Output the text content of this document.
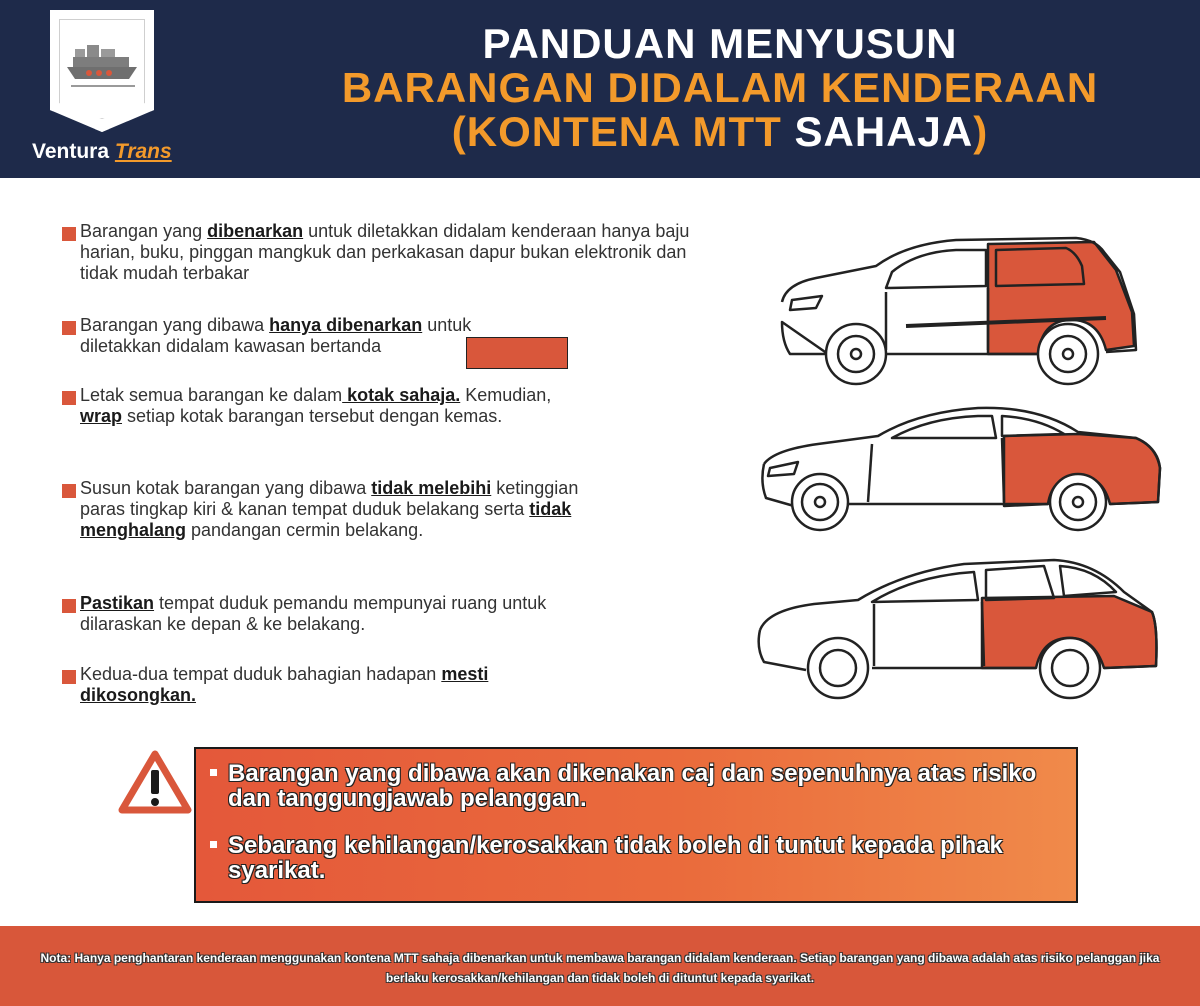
Ventura Trans
PANDUAN MENYUSUN
BARANGAN DIDALAM KENDERAAN
(KONTENA MTT SAHAJA)
Barangan yang dibenarkan untuk diletakkan didalam kenderaan hanya baju harian, buku, pinggan mangkuk dan perkakasan dapur bukan elektronik dan tidak mudah terbakar
Barangan yang dibawa hanya dibenarkan untuk diletakkan didalam kawasan bertanda
Letak semua barangan ke dalam kotak sahaja. Kemudian, wrap setiap kotak barangan tersebut dengan kemas.
Susun kotak barangan yang dibawa tidak melebihi ketinggian paras tingkap kiri & kanan tempat duduk belakang serta tidak menghalang pandangan cermin belakang.
Pastikan tempat duduk pemandu mempunyai ruang untuk dilaraskan ke depan & ke belakang.
Kedua-dua tempat duduk bahagian hadapan mesti dikosongkan.
Barangan yang dibawa akan dikenakan caj dan sepenuhnya atas risiko dan tanggungjawab pelanggan.
Sebarang kehilangan/kerosakkan tidak boleh di tuntut kepada pihak syarikat.
Nota: Hanya penghantaran kenderaan menggunakan kontena MTT sahaja dibenarkan untuk membawa barangan didalam kenderaan. Setiap barangan yang dibawa adalah atas risiko pelanggan jika berlaku kerosakkan/kehilangan dan tidak boleh di dituntut kepada syarikat.
